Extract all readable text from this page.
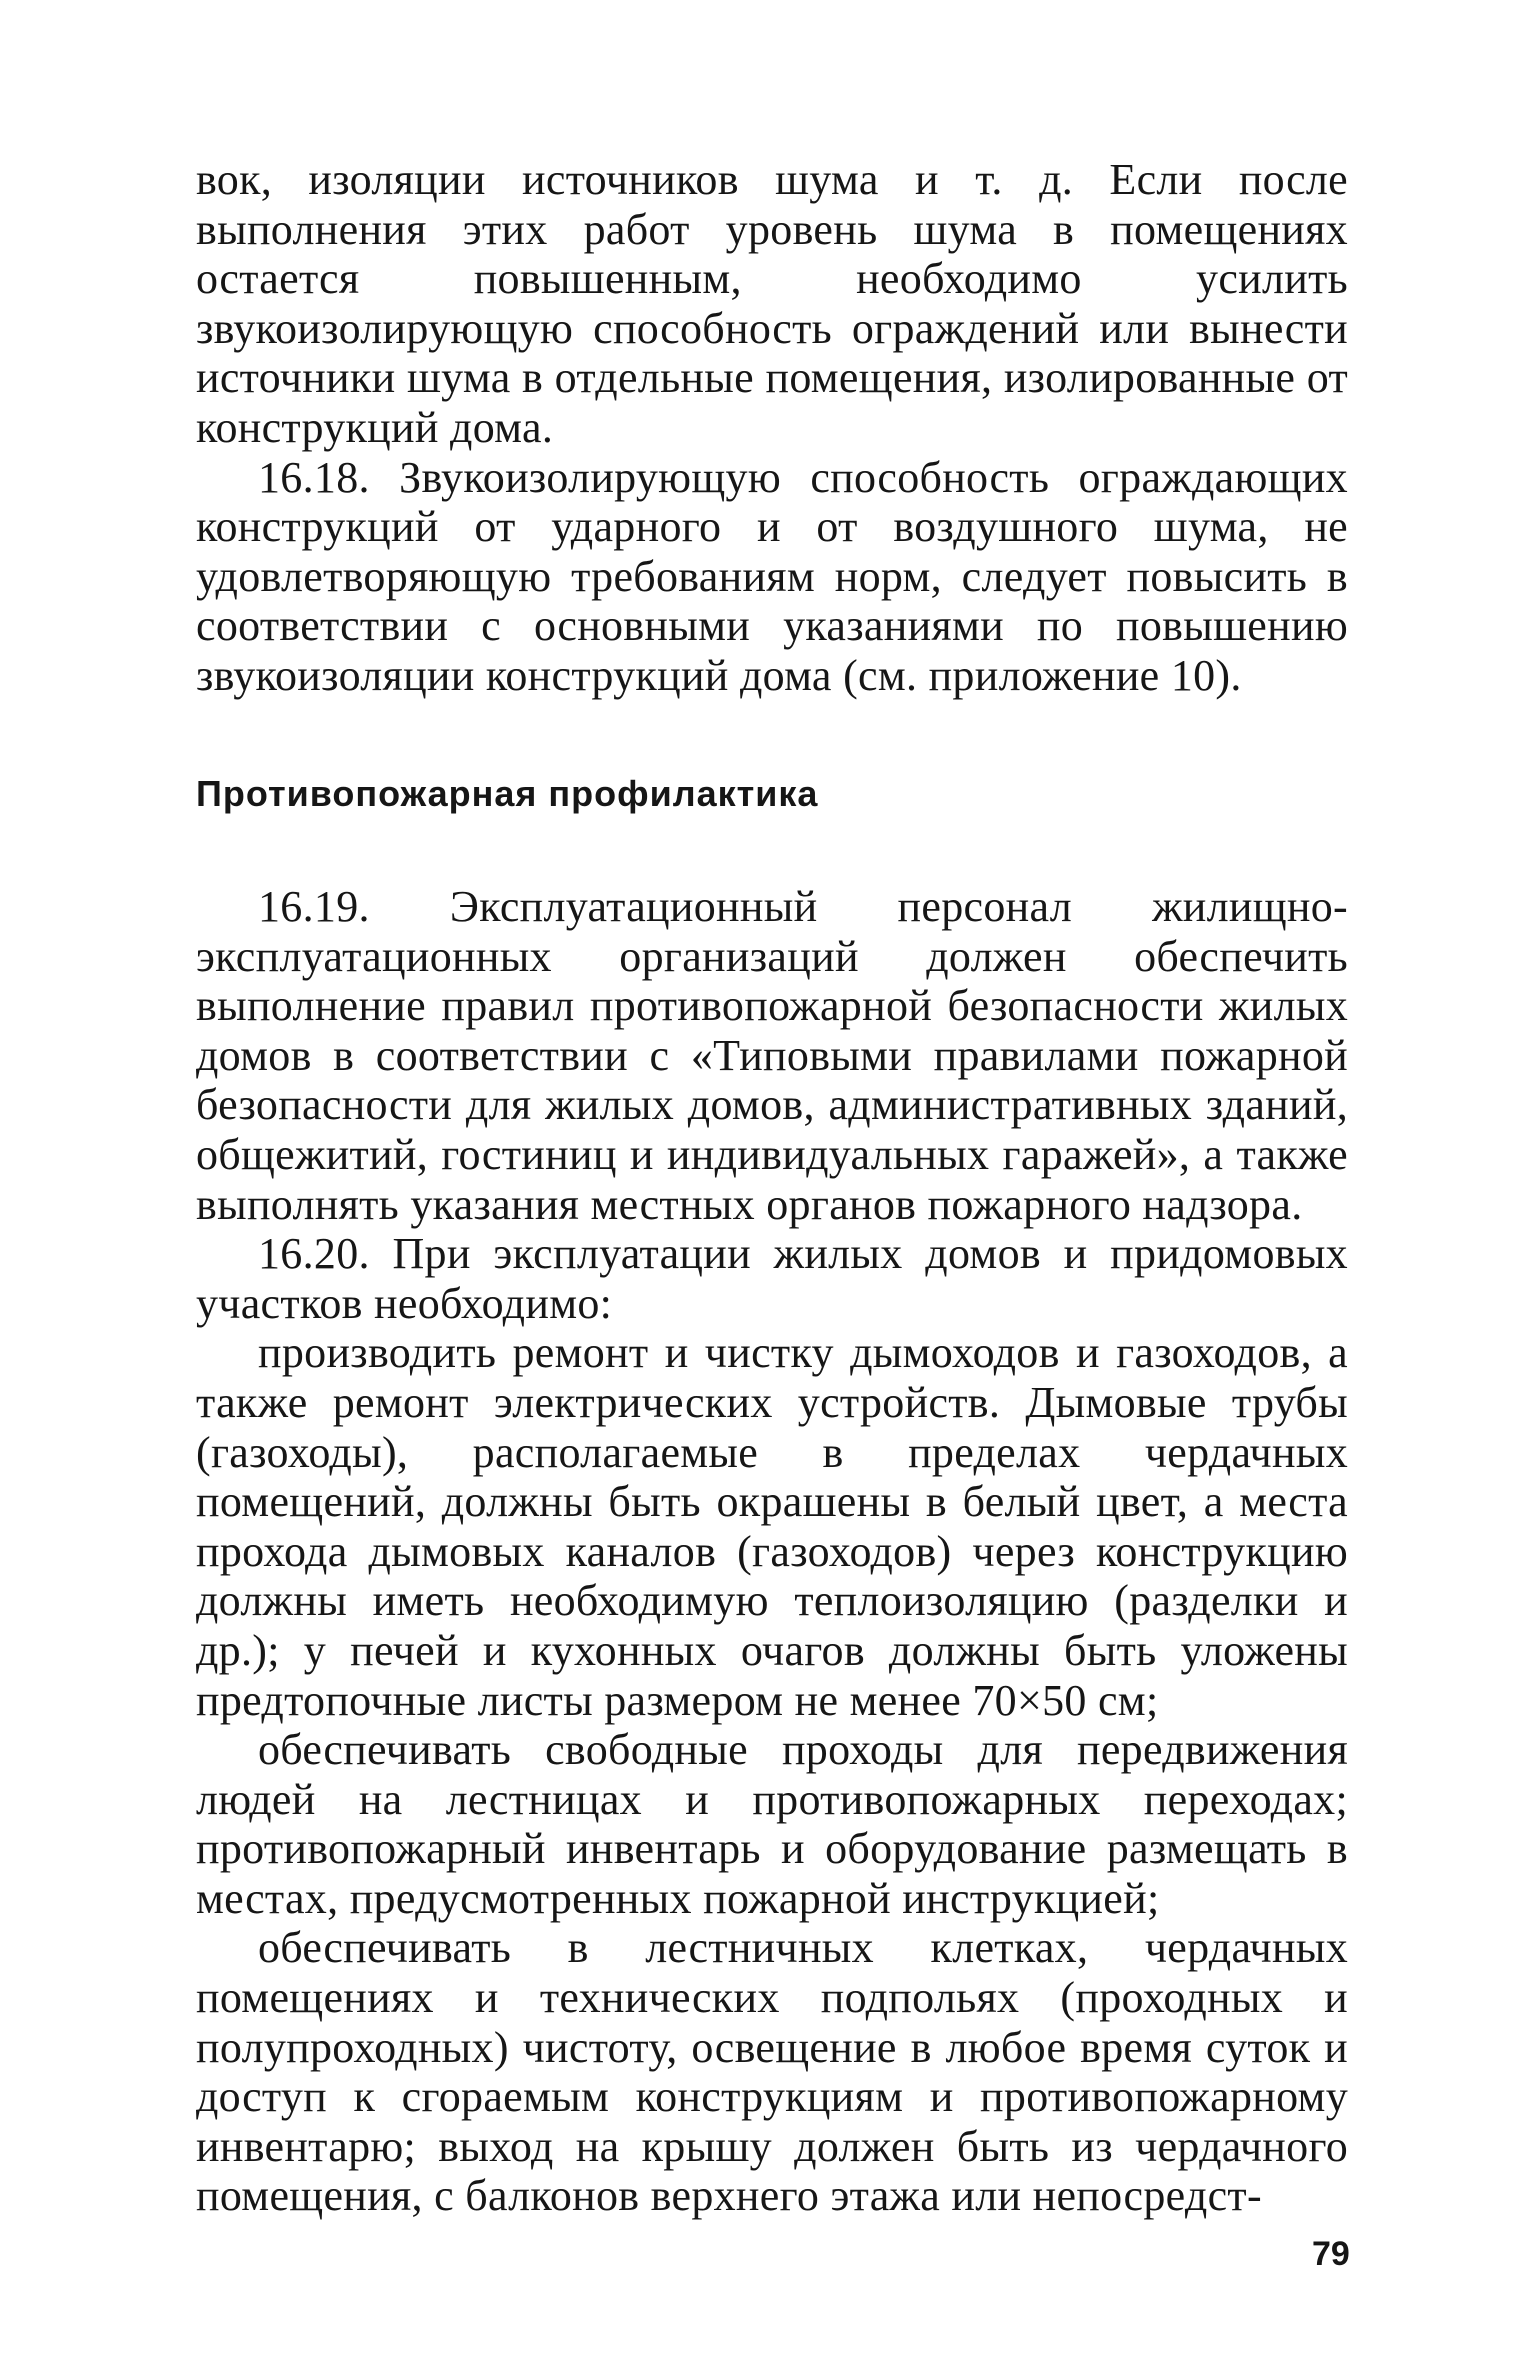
вок, изоляции источников шума и т. д. Если после выполнения этих работ уровень шума в помещениях остается повышенным, необходимо усилить звукоизолирующую способность ограждений или вынести источники шума в отдельные помещения, изолированные от конструкций дома.

16.18. Звукоизолирующую способность ограждающих конструкций от ударного и от воздушного шума, не удовлетворяющую требованиям норм, следует повысить в соответствии с основными указаниями по повышению звукоизоляции конструкций дома (см. приложение 10).

Противопожарная профилактика

16.19. Эксплуатационный персонал жилищно-эксплуатационных организаций должен обеспечить выполнение правил противопожарной безопасности жилых домов в соответствии с «Типовыми правилами пожарной безопасности для жилых домов, административных зданий, общежитий, гостиниц и индивидуальных гаражей», а также выполнять указания местных органов пожарного надзора.

16.20. При эксплуатации жилых домов и придомовых участков необходимо:

производить ремонт и чистку дымоходов и газоходов, а также ремонт электрических устройств. Дымовые трубы (газоходы), располагаемые в пределах чердачных помещений, должны быть окрашены в белый цвет, а места прохода дымовых каналов (газоходов) через конструкцию должны иметь необходимую теплоизоляцию (разделки и др.); у печей и кухонных очагов должны быть уложены предтопочные листы размером не менее 70×50 см;

обеспечивать свободные проходы для передвижения людей на лестницах и противопожарных переходах; противопожарный инвентарь и оборудование размещать в местах, предусмотренных пожарной инструкцией;

обеспечивать в лестничных клетках, чердачных помещениях и технических подпольях (проходных и полупроходных) чистоту, освещение в любое время суток и доступ к сгораемым конструкциям и противопожарному инвентарю; выход на крышу должен быть из чердачного помещения, с балконов верхнего этажа или непосредст-

79
